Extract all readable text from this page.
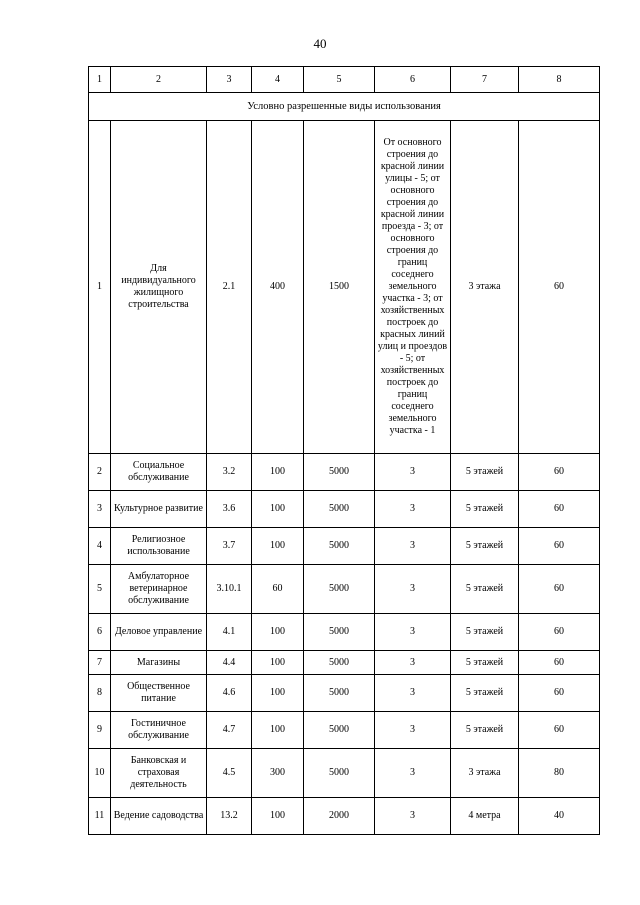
40
1	2	3	4	5	6	7	8
Условно разрешенные виды использования							
1	Для индивидуального жилищного строительства	2.1	400	1500	От основного строения до красной линии улицы - 5; от основного строения до красной линии проезда - 3; от основного строения до границ соседнего земельного участка - 3; от хозяйственных построек до красных линий улиц и проездов - 5; от хозяйственных построек до границ соседнего земельного участка - 1	3 этажа	60
2	Социальное обслуживание	3.2	100	5000	3	5 этажей	60
3	Культурное развитие	3.6	100	5000	3	5 этажей	60
4	Религиозное использование	3.7	100	5000	3	5 этажей	60
5	Амбулаторное ветеринарное обслуживание	3.10.1	60	5000	3	5 этажей	60
6	Деловое управление	4.1	100	5000	3	5 этажей	60
7	Магазины	4.4	100	5000	3	5 этажей	60
8	Общественное питание	4.6	100	5000	3	5 этажей	60
9	Гостиничное обслуживание	4.7	100	5000	3	5 этажей	60
10	Банковская и страховая деятельность	4.5	300	5000	3	3 этажа	80
11	Ведение садоводства	13.2	100	2000	3	4 метра	40
